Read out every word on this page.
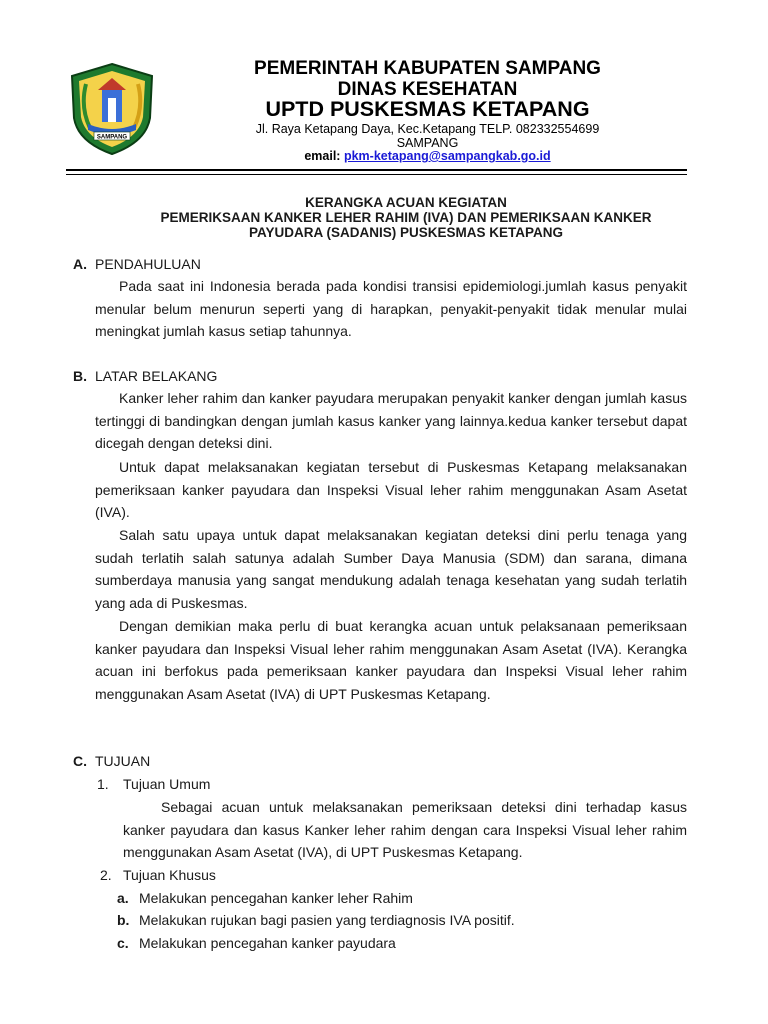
SAMPANG
PEMERINTAH KABUPATEN SAMPANG
DINAS KESEHATAN
UPTD PUSKESMAS KETAPANG
Jl. Raya Ketapang Daya, Kec.Ketapang TELP. 082332554699
SAMPANG
email: pkm-ketapang@sampangkab.go.id
KERANGKA ACUAN KEGIATAN
PEMERIKSAAN KANKER LEHER RAHIM (IVA) DAN PEMERIKSAAN KANKER
PAYUDARA (SADANIS) PUSKESMAS KETAPANG
A. PENDAHULUAN
Pada saat ini Indonesia berada pada kondisi transisi epidemiologi.jumlah kasus penyakit menular belum menurun seperti yang di harapkan, penyakit-penyakit tidak menular mulai meningkat jumlah kasus setiap tahunnya.
B. LATAR BELAKANG
Kanker leher rahim dan kanker payudara merupakan penyakit kanker dengan jumlah kasus tertinggi di bandingkan dengan jumlah kasus kanker yang lainnya.kedua kanker tersebut dapat dicegah dengan deteksi dini.
Untuk dapat melaksanakan kegiatan tersebut di Puskesmas Ketapang melaksanakan pemeriksaan kanker payudara dan Inspeksi Visual leher rahim menggunakan Asam Asetat (IVA).
Salah satu upaya untuk dapat melaksanakan kegiatan deteksi dini perlu tenaga yang sudah terlatih salah satunya adalah Sumber Daya Manusia (SDM) dan sarana, dimana sumberdaya manusia yang sangat mendukung adalah tenaga kesehatan yang sudah terlatih yang ada di Puskesmas.
Dengan demikian maka perlu di buat kerangka acuan untuk pelaksanaan pemeriksaan kanker payudara dan Inspeksi Visual leher rahim menggunakan Asam Asetat (IVA). Kerangka acuan ini berfokus pada pemeriksaan kanker payudara dan Inspeksi Visual leher rahim menggunakan Asam Asetat (IVA) di UPT Puskesmas Ketapang.
C. TUJUAN
1. Tujuan Umum
Sebagai acuan untuk melaksanakan pemeriksaan deteksi dini terhadap kasus kanker payudara dan kasus Kanker leher rahim dengan cara Inspeksi Visual leher rahim menggunakan Asam Asetat (IVA), di UPT Puskesmas Ketapang.
2. Tujuan Khusus
a. Melakukan pencegahan kanker leher Rahim
b. Melakukan rujukan bagi pasien yang terdiagnosis IVA positif.
c. Melakukan pencegahan kanker payudara
